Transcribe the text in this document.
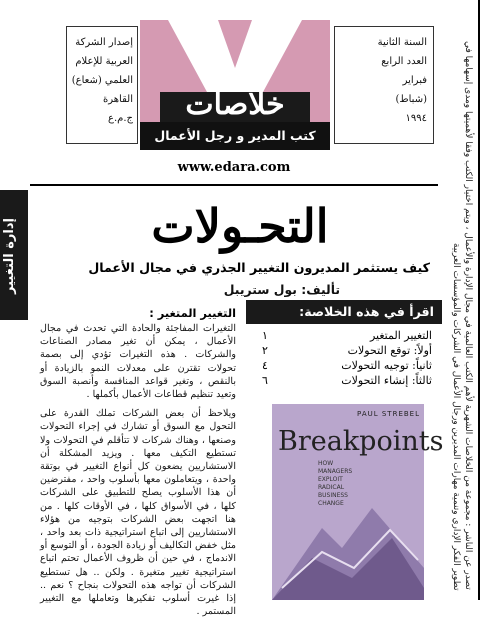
تصدر عن الناشر : مجموعة من الخلاصات الشهرية لأهم الكتب العالمية في مجال الإدارة والأعمال ، ويتم اختيار الكتب وفقا لأهميتها ومدى إسهامها في تطوير الفكر الإداري وتنمية مهارات المديرين ورجال الأعمال في الشركات والمؤسسات العربية
إصدار الشركة
العربية للإعلام
العلمي (شعاع)
القاهرة
ج.م.ع	خلاصات
كتب المدير و رجل الأعمال
السنة الثانية
العدد الرابع
فبراير
(شباط)
١٩٩٤
www.edara.com
إدارة التغيير	التحـولات
كيف يستثمر المديرون التغيير الجذري في مجال الأعمال
تأليف: بول ستريبل
اقرأ في هذه الخلاصة:
التغيير المتغير
١
أولاً: توقع التحولات
٢
ثانياً: توجيه التحولات
٤
ثالثاً: إنشاء التحولات
٦
التغيير المتغير :

التغيرات المفاجئة والحادة التي تحدث في مجال الأعمال ، يمكن أن تغير مصادر الصناعات والشركات . هذه التغيرات تؤدي إلى بصمة تحولات تقترن على معدلات النمو بالزيادة أو بالنقص ، وتغير قواعد المنافسة وأنصبة السوق وتعيد تنظيم قطاعات الأعمال بأكملها .

ويلاحظ أن بعض الشركات تملك القدرة على التحول مع السوق أو تشارك في إجراء التحولات وصنعها ، وهناك شركات لا تتأقلم في التحولات ولا تستطيع التكيف معها . ويزيد المشكلة أن الاستشاريين يضعون كل أنواع التغيير في بوتقة واحدة ، ويتعاملون معها بأسلوب واحد ، مفترضين أن هذا الأسلوب يصلح للتطبيق على الشركات كلها ، في الأسواق كلها ، في الأوقات كلها . من هنا اتجهت بعض الشركات بتوجيه من هؤلاء الاستشاريين إلى اتباع استراتيجية ذات بعد واحد ، مثل خفض التكاليف أو زيادة الجودة ، أو التوسع أو الاندماج ، في حين أن ظروف الأعمال تحتم اتباع استراتيجية تغيير متغيرة . ولكن .. هل تستطيع الشركات أن تواجه هذه التحولات بنجاح ؟ نعم .. إذا غيرت أسلوب تفكيرها وتعاملها مع التغيير المستمر .

PAUL STREBEL
Breakpoints
HOW
MANAGERS
EXPLOIT
RADICAL
BUSINESS
CHANGE
